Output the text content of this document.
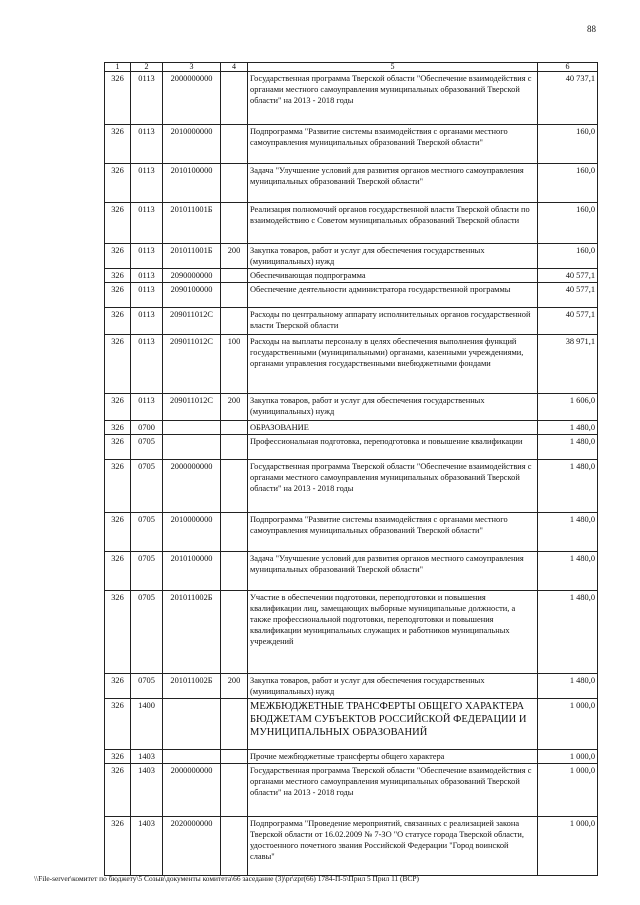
88
1	2	3	4	5	6
326	0113	2000000000		Государственная программа Тверской области "Обеспечение взаимодействия с органами местного самоуправления муниципальных образований Тверской области" на 2013 - 2018 годы	40 737,1
326	0113	2010000000		Подпрограмма "Развитие системы взаимодействия с органами местного самоуправления муниципальных образований Тверской области"	160,0
326	0113	2010100000		Задача "Улучшение условий для развития органов местного самоуправления муниципальных образований Тверской области"	160,0
326	0113	201011001Б		Реализация полномочий органов государственной власти Тверской области по взаимодействию с Советом муниципальных образований Тверской области	160,0
326	0113	201011001Б	200	Закупка товаров, работ и услуг для обеспечения государственных (муниципальных) нужд	160,0
326	0113	2090000000		Обеспечивающая подпрограмма	40 577,1
326	0113	2090100000		Обеспечение деятельности администратора государственной программы	40 577,1
326	0113	209011012С		Расходы по центральному аппарату исполнительных органов государственной власти Тверской области	40 577,1
326	0113	209011012С	100	Расходы на выплаты персоналу в целях обеспечения выполнения функций государственными (муниципальными) органами, казенными учреждениями, органами управления государственными внебюджетными фондами	38 971,1
326	0113	209011012С	200	Закупка товаров, работ и услуг для обеспечения государственных (муниципальных) нужд	1 606,0
326	0700			ОБРАЗОВАНИЕ	1 480,0
326	0705			Профессиональная подготовка, переподготовка и повышение квалификации	1 480,0
326	0705	2000000000		Государственная программа Тверской области "Обеспечение взаимодействия с органами местного самоуправления муниципальных образований Тверской области" на 2013 - 2018 годы	1 480,0
326	0705	2010000000		Подпрограмма "Развитие системы взаимодействия с органами местного самоуправления муниципальных образований Тверской области"	1 480,0
326	0705	2010100000		Задача "Улучшение условий для развития органов местного самоуправления муниципальных образований Тверской области"	1 480,0
326	0705	201011002Б		Участие в обеспечении подготовки, переподготовки и повышения квалификации лиц, замещающих выборные муниципальные должности, а также профессиональной подготовки, переподготовки и повышения квалификации муниципальных служащих и работников муниципальных учреждений	1 480,0
326	0705	201011002Б	200	Закупка товаров, работ и услуг для обеспечения государственных (муниципальных) нужд	1 480,0
326	1400			МЕЖБЮДЖЕТНЫЕ ТРАНСФЕРТЫ ОБЩЕГО ХАРАКТЕРА БЮДЖЕТАМ СУБЪЕКТОВ РОССИЙСКОЙ ФЕДЕРАЦИИ И МУНИЦИПАЛЬНЫХ ОБРАЗОВАНИЙ	1 000,0
326	1403			Прочие межбюджетные трансферты общего характера	1 000,0
326	1403	2000000000		Государственная программа Тверской области "Обеспечение взаимодействия с органами местного самоуправления муниципальных образований Тверской области" на 2013 - 2018 годы	1 000,0
326	1403	2020000000		Подпрограмма "Проведение мероприятий, связанных с реализацией закона Тверской области от 16.02.2009 № 7-ЗО "О статусе города Тверской области, удостоенного почетного звания Российской Федерации "Город воинской славы"	1 000,0
\\File-server\комитет по бюджету\5 Созыв\документы комитета\66 заседание (3)\pr\zpr(66) 1784-П-5\Прил 5 Прил 11 (ВСР)
